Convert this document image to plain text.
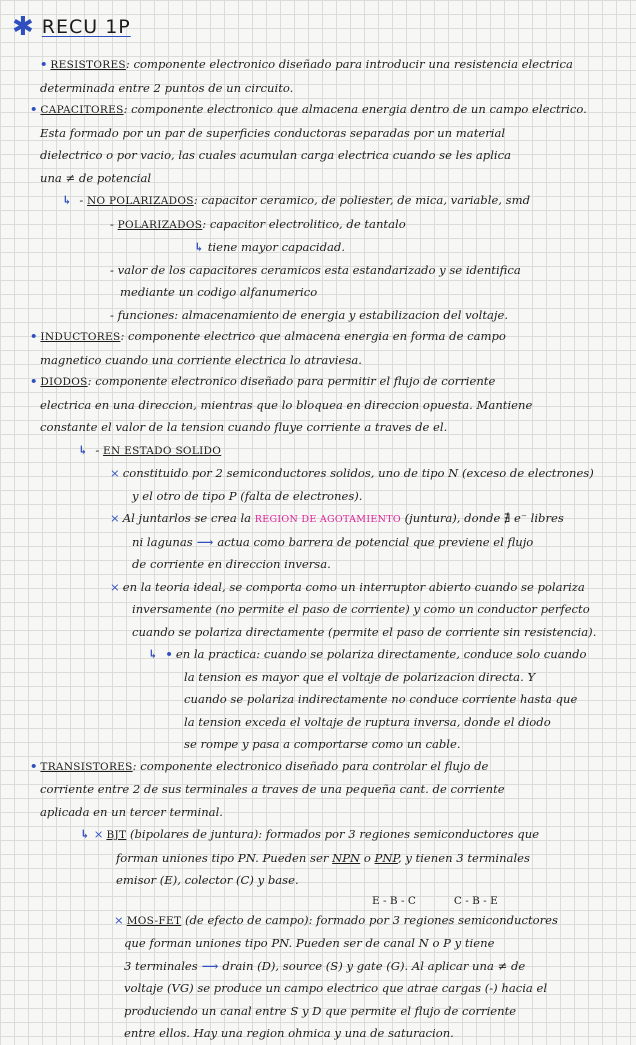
✱ RECU 1P

• RESISTORES: componente electronico diseñado para introducir una resistencia electrica

determinada entre 2 puntos de un circuito.

• CAPACITORES: componente electronico que almacena energia dentro de un campo electrico.

Esta formado por un par de superficies conductoras separadas por un material

dielectrico o por vacio, las cuales acumulan carga electrica cuando se les aplica

una ≠ de potencial

↳ - NO POLARIZADOS: capacitor ceramico, de poliester, de mica, variable, smd

- POLARIZADOS: capacitor electrolitico, de tantalo

↳ tiene mayor capacidad.

- valor de los capacitores ceramicos esta estandarizado y se identifica

mediante un codigo alfanumerico

- funciones: almacenamiento de energia y estabilizacion del voltaje.

• INDUCTORES: componente electrico que almacena energia en forma de campo

magnetico cuando una corriente electrica lo atraviesa.

• DIODOS: componente electronico diseñado para permitir el flujo de corriente

electrica en una direccion, mientras que lo bloquea en direccion opuesta. Mantiene

constante el valor de la tension cuando fluye corriente a traves de el.

↳ - EN ESTADO SOLIDO

× constituido por 2 semiconductores solidos, uno de tipo N (exceso de electrones)

y el otro de tipo P (falta de electrones).

× Al juntarlos se crea la REGION DE AGOTAMIENTO (juntura), donde ∄ e⁻ libres

ni lagunas ⟶ actua como barrera de potencial que previene el flujo

de corriente en direccion inversa.

× en la teoria ideal, se comporta como un interruptor abierto cuando se polariza

inversamente (no permite el paso de corriente) y como un conductor perfecto

cuando se polariza directamente (permite el paso de corriente sin resistencia).

↳ • en la practica: cuando se polariza directamente, conduce solo cuando

la tension es mayor que el voltaje de polarizacion directa. Y

cuando se polariza indirectamente no conduce corriente hasta que

la tension exceda el voltaje de ruptura inversa, donde el diodo

se rompe y pasa a comportarse como un cable.

• TRANSISTORES: componente electronico diseñado para controlar el flujo de

corriente entre 2 de sus terminales a traves de una pequeña cant. de corriente

aplicada en un tercer terminal.

↳ × BJT (bipolares de juntura): formados por 3 regiones semiconductores que

forman uniones tipo PN. Pueden ser NPN o PNP, y tienen 3 terminales

emisor (E), colector (C) y base.

E - B - C	C - B - E

× MOS-FET (de efecto de campo): formado por 3 regiones semiconductores

que forman uniones tipo PN. Pueden ser de canal N o P y tiene

3 terminales ⟶ drain (D), source (S) y gate (G). Al aplicar una ≠ de

voltaje (VG) se produce un campo electrico que atrae cargas (-) hacia el

produciendo un canal entre S y D que permite el flujo de corriente

entre ellos. Hay una region ohmica y una de saturacion.
